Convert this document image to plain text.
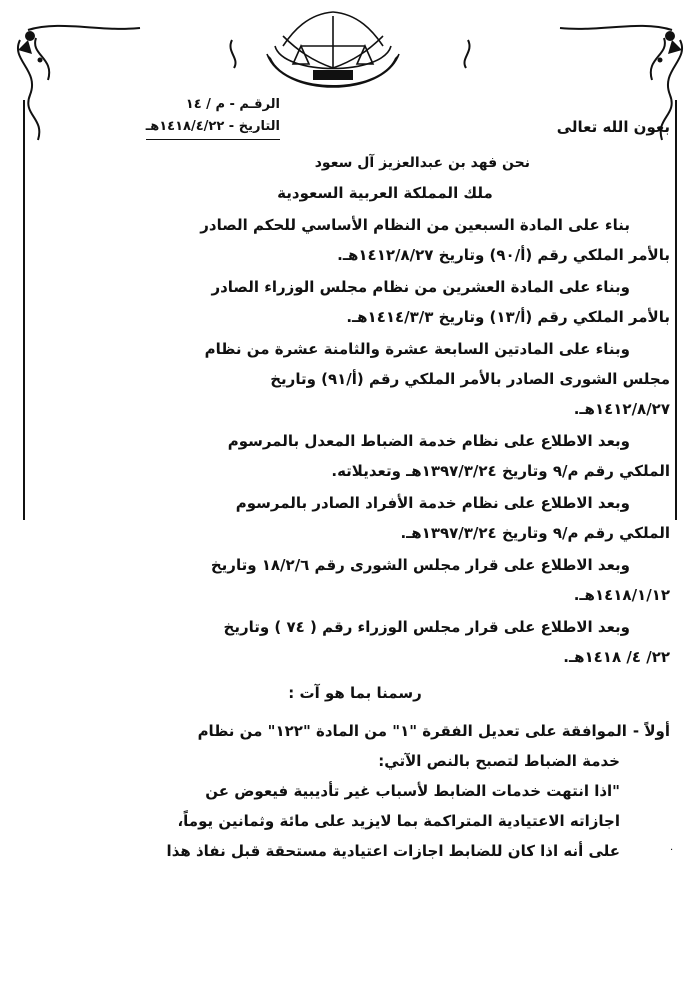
الرقـم - م / ١٤
التاريخ - ١٤١٨/٤/٢٢هـ	بعون الله تعالى
نحن فهد بن عبدالعزيز آل سعود
ملك المملكة العربية السعودية
بناء على المادة السبعين من النظام الأساسي للحكم الصادر
بالأمر الملكي رقم (أ/٩٠) وتاريخ ١٤١٢/٨/٢٧هـ.
وبناء على المادة العشرين من نظام مجلس الوزراء الصادر
بالأمر الملكي رقم (أ/١٣) وتاريخ ١٤١٤/٣/٣هـ.
وبناء على المادتين السابعة عشرة والثامنة عشرة من نظام
مجلس الشورى الصادر بالأمر الملكي رقم (أ/٩١) وتاريخ
١٤١٢/٨/٢٧هـ.
وبعد الاطلاع على نظام خدمة الضباط المعدل بالمرسوم
الملكي رقم م/٩ وتاريخ ١٣٩٧/٣/٢٤هـ وتعديلاته.
وبعد الاطلاع على نظام خدمة الأفراد الصادر بالمرسوم
الملكي رقم م/٩ وتاريخ ١٣٩٧/٣/٢٤هـ.
وبعد الاطلاع على قرار مجلس الشورى رقم ١٨/٢/٦ وتاريخ
١٤١٨/١/١٢هـ.
وبعد الاطلاع على قرار مجلس الوزراء رقم ( ٧٤ ) وتاريخ
٢٢/ ٤/ ١٤١٨هـ.
رسمنا بما هو آت :
أولاً -الموافقة على تعديل الفقرة "١" من المادة "١٢٢" من نظام
خدمة الضباط لتصبح بالنص الآتي:
"اذا انتهت خدمات الضابط لأسباب غير تأديبية فيعوض عن
اجازاته الاعتيادية المتراكمة بما لايزيد على مائة وثمانين يوماً،
على أنه اذا كان للضابط اجازات اعتيادية مستحقة قبل نفاذ هذا	.
